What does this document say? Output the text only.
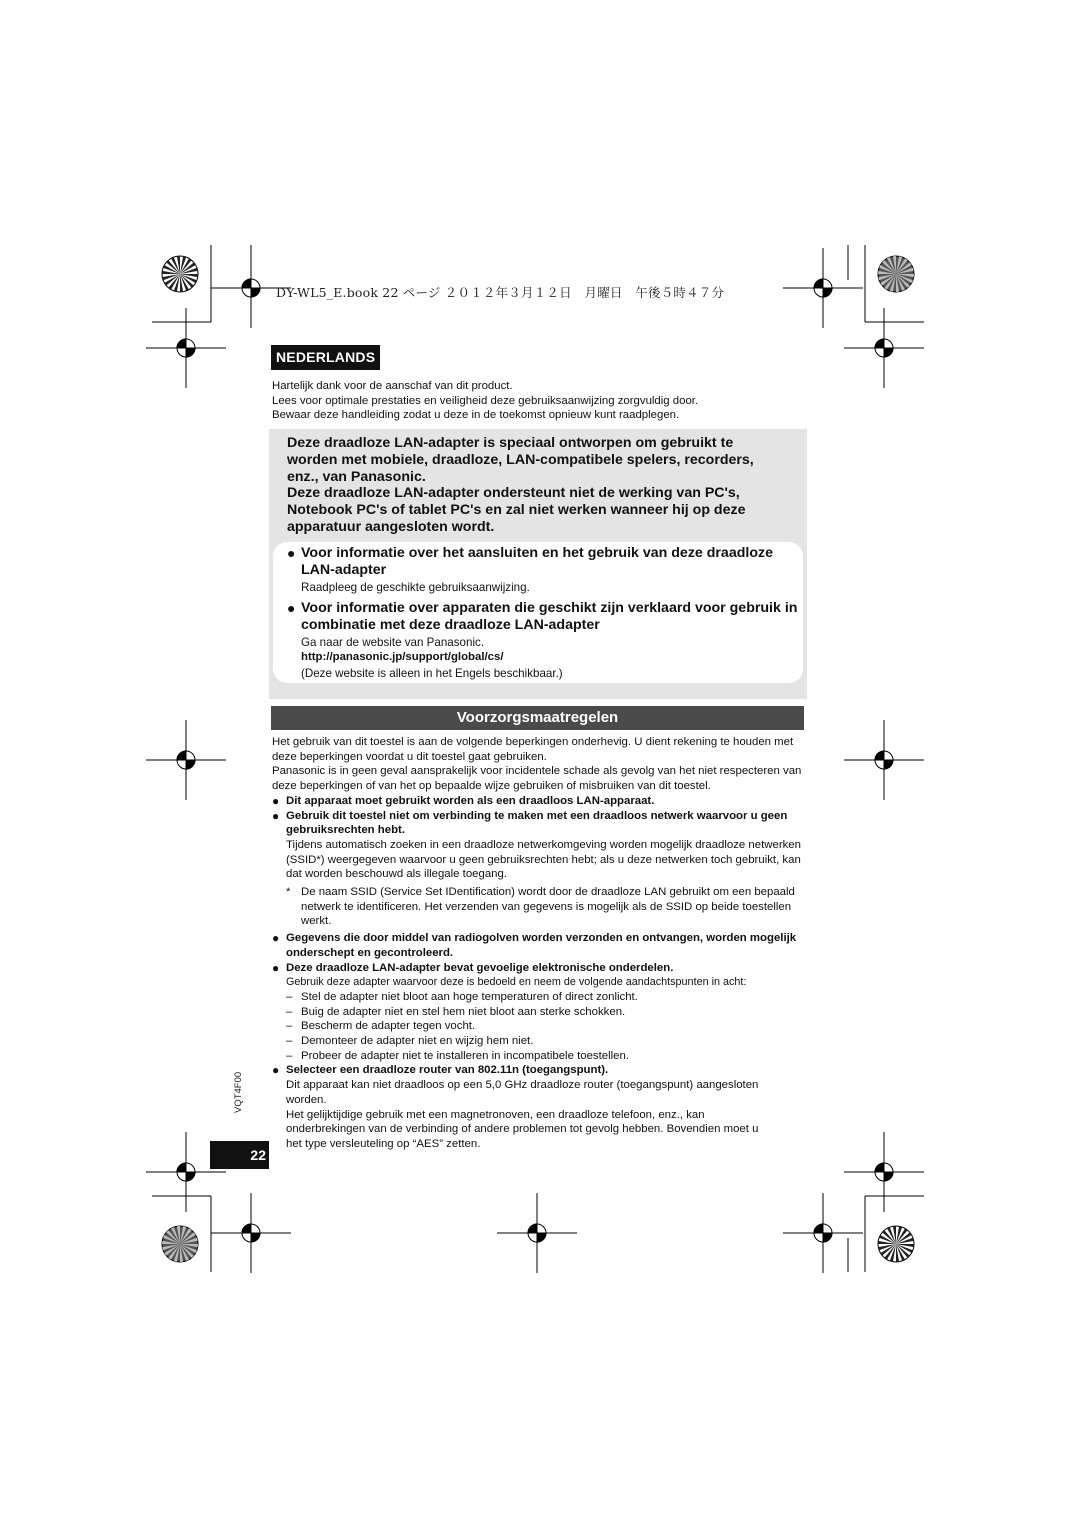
DY-WL5_E.book 22 ページ ２０１２年３月１２日　月曜日　午後５時４７分
NEDERLANDS

Hartelijk dank voor de aanschaf van dit product.

Lees voor optimale prestaties en veiligheid deze gebruiksaanwijzing zorgvuldig door.

Bewaar deze handleiding zodat u deze in de toekomst opnieuw kunt raadplegen.

Deze draadloze LAN-adapter is speciaal ontworpen om gebruikt te worden met mobiele, draadloze, LAN-compatibele spelers, recorders, enz., van Panasonic.

Deze draadloze LAN-adapter ondersteunt niet de werking van PC's, Notebook PC's of tablet PC's en zal niet werken wanneer hij op deze apparatuur aangesloten wordt.

● Voor informatie over het aansluiten en het gebruik van deze draadloze LAN-adapter
Raadpleeg de geschikte gebruiksaanwijzing.
● Voor informatie over apparaten die geschikt zijn verklaard voor gebruik in combinatie met deze draadloze LAN-adapter
Ga naar de website van Panasonic.
http://panasonic.jp/support/global/cs/
(Deze website is alleen in het Engels beschikbaar.)
Voorzorgsmaatregelen

Het gebruik van dit toestel is aan de volgende beperkingen onderhevig. U dient rekening te houden met deze beperkingen voordat u dit toestel gaat gebruiken.

Panasonic is in geen geval aansprakelijk voor incidentele schade als gevolg van het niet respecteren van deze beperkingen of van het op bepaalde wijze gebruiken of misbruiken van dit toestel.

● Dit apparaat moet gebruikt worden als een draadloos LAN-apparaat.
● Gebruik dit toestel niet om verbinding te maken met een draadloos netwerk waarvoor u geen gebruiksrechten hebt.
Tijdens automatisch zoeken in een draadloze netwerkomgeving worden mogelijk draadloze netwerken (SSID*) weergegeven waarvoor u geen gebruiksrechten hebt; als u deze netwerken toch gebruikt, kan dat worden beschouwd als illegale toegang.
* De naam SSID (Service Set IDentification) wordt door de draadloze LAN gebruikt om een bepaald netwerk te identificeren. Het verzenden van gegevens is mogelijk als de SSID op beide toestellen werkt.
● Gegevens die door middel van radiogolven worden verzonden en ontvangen, worden mogelijk onderschept en gecontroleerd.
● Deze draadloze LAN-adapter bevat gevoelige elektronische onderdelen.
Gebruik deze adapter waarvoor deze is bedoeld en neem de volgende aandachtspunten in acht:
– Stel de adapter niet bloot aan hoge temperaturen of direct zonlicht.
– Buig de adapter niet en stel hem niet bloot aan sterke schokken.
– Bescherm de adapter tegen vocht.
– Demonteer de adapter niet en wijzig hem niet.
– Probeer de adapter niet te installeren in incompatibele toestellen.
● Selecteer een draadloze router van 802.11n (toegangspunt).
Dit apparaat kan niet draadloos op een 5,0 GHz draadloze router (toegangspunt) aangesloten worden.
Het gelijktijdige gebruik met een magnetronoven, een draadloze telefoon, enz., kan onderbrekingen van de verbinding of andere problemen tot gevolg hebben. Bovendien moet u het type versleuteling op “AES” zetten.
VQT4F00
22
